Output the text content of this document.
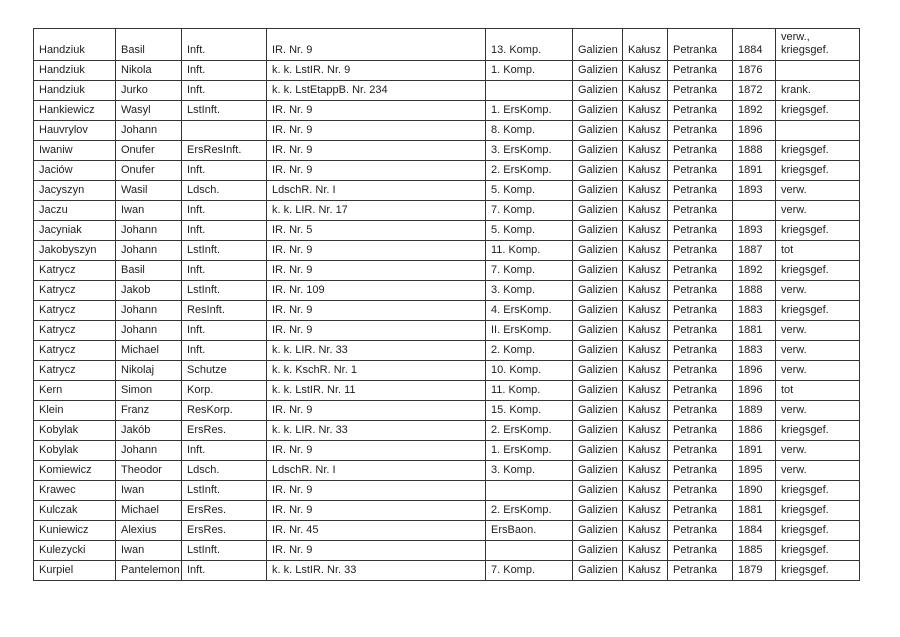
Handziuk	Basil	Inft.	IR. Nr. 9	13. Komp.	Galizien	Kałusz	Petranka	1884	verw., kriegsgef.
Handziuk	Nikola	Inft.	k. k. LstIR. Nr. 9	1. Komp.	Galizien	Kałusz	Petranka	1876	
Handziuk	Jurko	Inft.	k. k. LstEtappB. Nr. 234		Galizien	Kałusz	Petranka	1872	krank.
Hankiewicz	Wasyl	LstInft.	IR. Nr. 9	1. ErsKomp.	Galizien	Kałusz	Petranka	1892	kriegsgef.
Hauvrylov	Johann		IR. Nr. 9	8. Komp.	Galizien	Kałusz	Petranka	1896	
Iwaniw	Onufer	ErsResInft.	IR. Nr. 9	3. ErsKomp.	Galizien	Kałusz	Petranka	1888	kriegsgef.
Jaciów	Onufer	Inft.	IR. Nr. 9	2. ErsKomp.	Galizien	Kałusz	Petranka	1891	kriegsgef.
Jacyszyn	Wasil	Ldsch.	LdschR. Nr. I	5. Komp.	Galizien	Kałusz	Petranka	1893	verw.
Jaczu	Iwan	Inft.	k. k. LIR. Nr. 17	7. Komp.	Galizien	Kałusz	Petranka		verw.
Jacyniak	Johann	Inft.	IR. Nr. 5	5. Komp.	Galizien	Kałusz	Petranka	1893	kriegsgef.
Jakobyszyn	Johann	LstInft.	IR. Nr. 9	11. Komp.	Galizien	Kałusz	Petranka	1887	tot
Katrycz	Basil	Inft.	IR. Nr. 9	7. Komp.	Galizien	Kałusz	Petranka	1892	kriegsgef.
Katrycz	Jakob	LstInft.	IR. Nr. 109	3. Komp.	Galizien	Kałusz	Petranka	1888	verw.
Katrycz	Johann	ResInft.	IR. Nr. 9	4. ErsKomp.	Galizien	Kałusz	Petranka	1883	kriegsgef.
Katrycz	Johann	Inft.	IR. Nr. 9	II. ErsKomp.	Galizien	Kałusz	Petranka	1881	verw.
Katrycz	Michael	Inft.	k. k. LIR. Nr. 33	2. Komp.	Galizien	Kałusz	Petranka	1883	verw.
Katrycz	Nikolaj	Schutze	k. k. KschR. Nr. 1	10. Komp.	Galizien	Kałusz	Petranka	1896	verw.
Kern	Simon	Korp.	k. k. LstIR. Nr. 11	11. Komp.	Galizien	Kałusz	Petranka	1896	tot
Klein	Franz	ResKorp.	IR. Nr. 9	15. Komp.	Galizien	Kałusz	Petranka	1889	verw.
Kobylak	Jakób	ErsRes.	k. k. LIR. Nr. 33	2. ErsKomp.	Galizien	Kałusz	Petranka	1886	kriegsgef.
Kobylak	Johann	Inft.	IR. Nr. 9	1. ErsKomp.	Galizien	Kałusz	Petranka	1891	verw.
Komiewicz	Theodor	Ldsch.	LdschR. Nr. I	3. Komp.	Galizien	Kałusz	Petranka	1895	verw.
Krawec	Iwan	LstInft.	IR. Nr. 9		Galizien	Kałusz	Petranka	1890	kriegsgef.
Kulczak	Michael	ErsRes.	IR. Nr. 9	2. ErsKomp.	Galizien	Kałusz	Petranka	1881	kriegsgef.
Kuniewicz	Alexius	ErsRes.	IR. Nr. 45	ErsBaon.	Galizien	Kałusz	Petranka	1884	kriegsgef.
Kulezycki	Iwan	LstInft.	IR. Nr. 9		Galizien	Kałusz	Petranka	1885	kriegsgef.
Kurpiel	Pantelemon	Inft.	k. k. LstIR. Nr. 33	7. Komp.	Galizien	Kałusz	Petranka	1879	kriegsgef.
